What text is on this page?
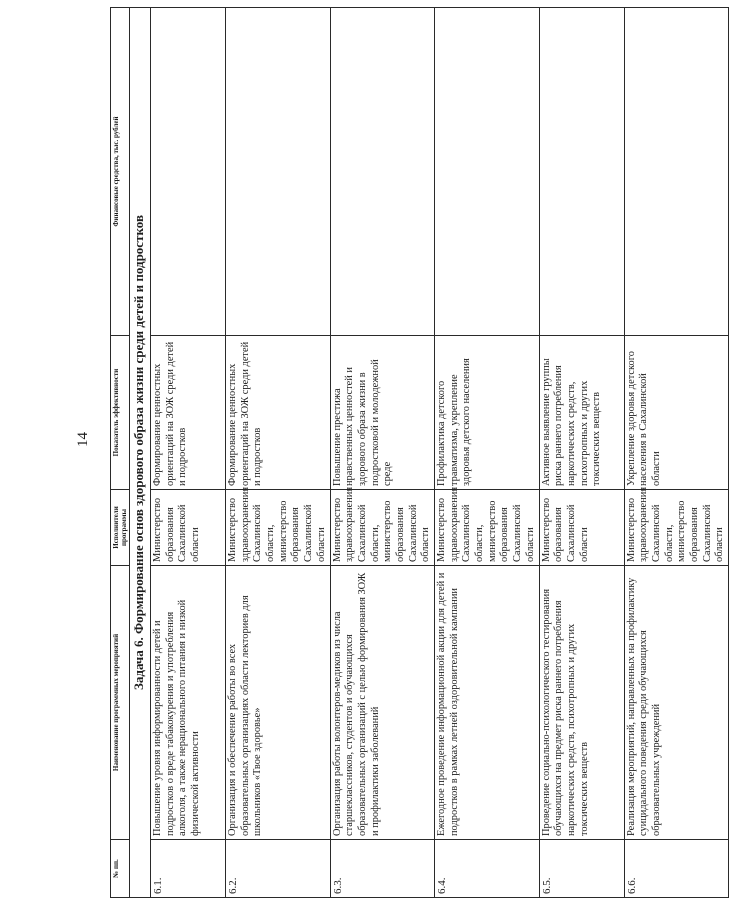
14
№ пп.	Наименование программных мероприятий	Исполнители программы	Показатель эффективности	Финансовые средства, тыс. рублей
Задача 6. Формирование основ здорового образа жизни среди детей и подростков				
6.1.	Повышение уровня информированности детей и подростков о вреде табакокурения и употребления алкоголя, а также нерационального питания и низкой физической активности	Министерство образования Сахалинской области	Формирование ценностных ориентаций на ЗОЖ среди детей и подростков	
6.2.	Организация и обеспечение работы во всех образовательных организациях области лекториев для школьников «Твое здоровье»	Министерство здравоохранения Сахалинской области, министерство образования Сахалинской области	Формирование ценностных ориентаций на ЗОЖ среди детей и подростков	
6.3.	Организация работы волонтеров-медиков из числа старшеклассников, студентов и обучающихся образовательных организаций с целью формирования ЗОЖ и профилактики заболеваний	Министерство здравоохранения Сахалинской области, министерство образования Сахалинской области	Повышение престижа нравственных ценностей и здорового образа жизни в подростковой и молодежной среде	
6.4.	Ежегодное проведение информационной акции для детей и подростков в рамках летней оздоровительной кампании	Министерство здравоохранения Сахалинской области, министерство образования Сахалинской области	Профилактика детского травматизма, укрепление здоровья детского населения	
6.5.	Проведение социально-психологического тестирования обучающихся на предмет риска раннего потребления наркотических средств, психотропных и других токсических веществ	Министерство образования Сахалинской области	Активное выявление группы риска раннего потребления наркотических средств, психотропных и других токсических веществ	
6.6.	Реализация мероприятий, направленных на профилактику суицидального поведения среди обучающихся образовательных учреждений	Министерство здравоохранения Сахалинской области, министерство образования Сахалинской области	Укрепление здоровья детского населения в Сахалинской области	
